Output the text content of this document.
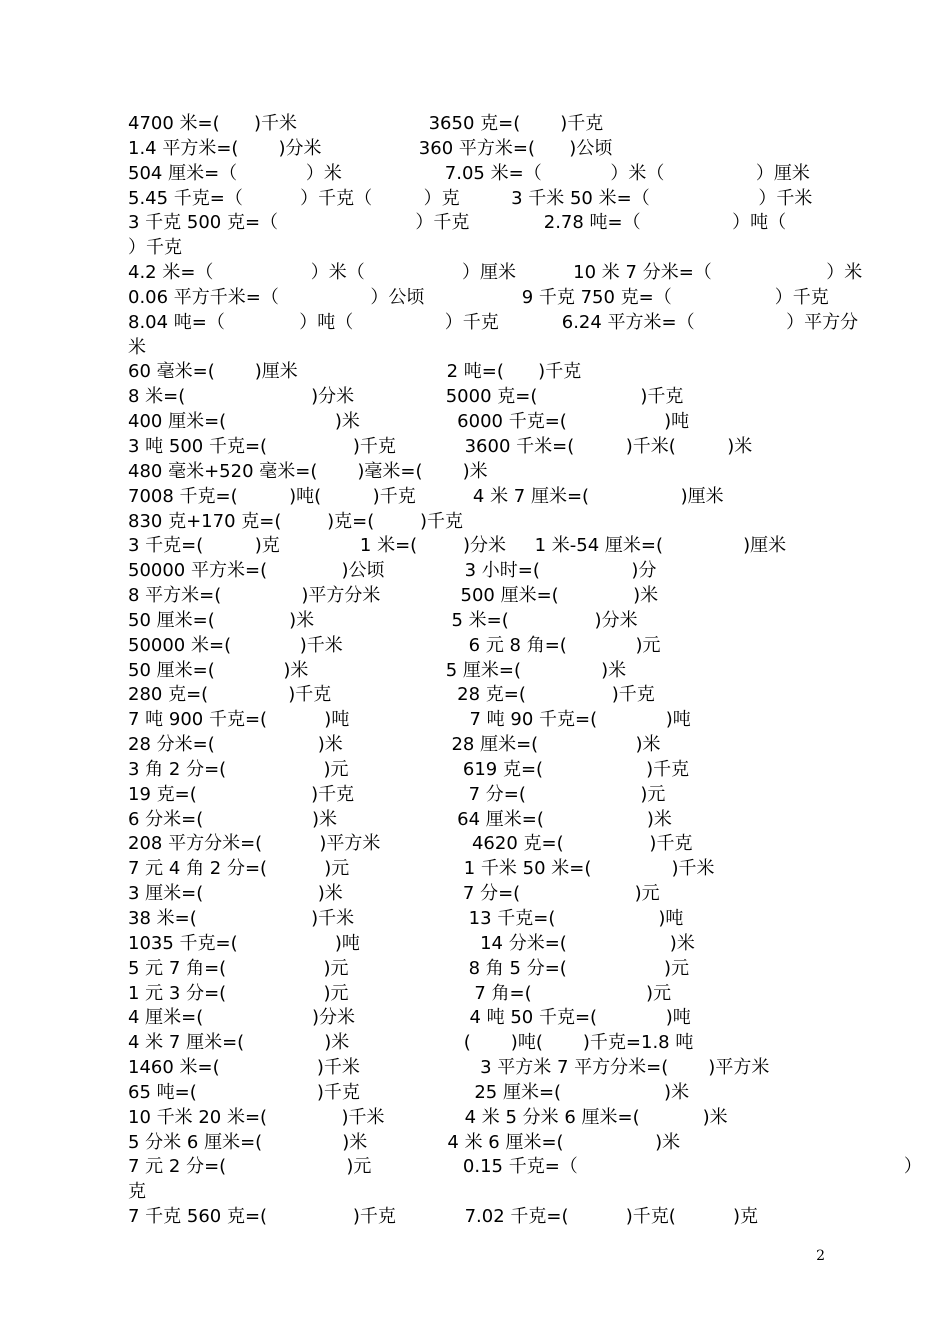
4700 米=(      )千米                       3650 克=(       )千克
1.4 平方米=(       )分米                 360 平方米=(      )公顷
504 厘米=（            ）米                  7.05 米=（            ）米（                ）厘米
5.45 千克=（          ）千克（         ）克         3 千米 50 米=（                   ）千米
3 千克 500 克=（                        ）千克             2.78 吨=（                ）吨（
）千克
4.2 米=（                 ）米（                 ）厘米          10 米 7 分米=（                    ）米
0.06 平方千米=（                ）公顷                 9 千克 750 克=（                  ）千克
8.04 吨=（             ）吨（                ）千克           6.24 平方米=（                ）平方分
米
60 毫米=(       )厘米                          2 吨=(      )千克
8 米=(                      )分米                5000 克=(                  )千克
400 厘米=(                   )米                 6000 千克=(                 )吨
3 吨 500 千克=(               )千克            3600 千米=(         )千米(         )米
480 毫米+520 毫米=(       )毫米=(       )米
7008 千克=(         )吨(         )千克          4 米 7 厘米=(                )厘米
830 克+170 克=(        )克=(        )千克
3 千克=(         )克              1 米=(        )分米     1 米-54 厘米=(              )厘米
50000 平方米=(             )公顷              3 小时=(                )分
8 平方米=(              )平方分米              500 厘米=(             )米
50 厘米=(             )米                        5 米=(               )分米
50000 米=(            )千米                      6 元 8 角=(            )元
50 厘米=(            )米                        5 厘米=(              )米
280 克=(              )千克                      28 克=(               )千克
7 吨 900 千克=(          )吨                     7 吨 90 千克=(            )吨
28 分米=(                  )米                   28 厘米=(                 )米
3 角 2 分=(                 )元                    619 克=(                  )千克
19 克=(                    )千克                    7 分=(                    )元
6 分米=(                   )米                     64 厘米=(                  )米
208 平方分米=(          )平方米                4620 克=(               )千克
7 元 4 角 2 分=(          )元                    1 千米 50 米=(              )千米
3 厘米=(                    )米                     7 分=(                    )元
38 米=(                    )千米                    13 千克=(                  )吨
1035 千克=(                 )吨                     14 分米=(                  )米
5 元 7 角=(                 )元                     8 角 5 分=(                 )元
1 元 3 分=(                 )元                      7 角=(                    )元
4 厘米=(                   )分米                    4 吨 50 千克=(            )吨
4 米 7 厘米=(              )米                    (       )吨(       )千克=1.8 吨
1460 米=(                 )千米                     3 平方米 7 平方分米=(       )平方米
65 吨=(                     )千克                    25 厘米=(                  )米
10 千米 20 米=(             )千米              4 米 5 分米 6 厘米=(           )米
5 分米 6 厘米=(              )米              4 米 6 厘米=(                )米
7 元 2 分=(                     )元                0.15 千克=（                                                         ）
克
7 千克 560 克=(               )千克            7.02 千克=(          )千克(          )克
2
